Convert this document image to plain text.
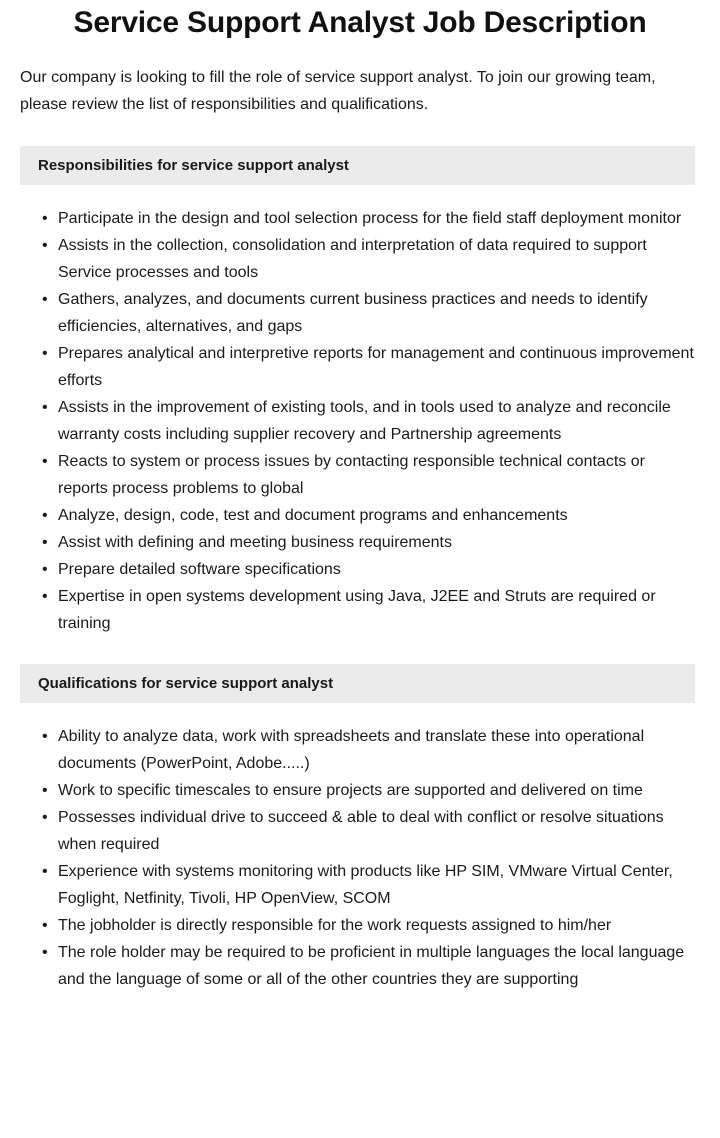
Service Support Analyst Job Description

Our company is looking to fill the role of service support analyst. To join our growing team, please review the list of responsibilities and qualifications.

Responsibilities for service support analyst
• Participate in the design and tool selection process for the field staff deployment monitor
• Assists in the collection, consolidation and interpretation of data required to support Service processes and tools
• Gathers, analyzes, and documents current business practices and needs to identify efficiencies, alternatives, and gaps
• Prepares analytical and interpretive reports for management and continuous improvement efforts
• Assists in the improvement of existing tools, and in tools used to analyze and reconcile warranty costs including supplier recovery and Partnership agreements
• Reacts to system or process issues by contacting responsible technical contacts or reports process problems to global
• Analyze, design, code, test and document programs and enhancements
• Assist with defining and meeting business requirements
• Prepare detailed software specifications
• Expertise in open systems development using Java, J2EE and Struts are required or training
Qualifications for service support analyst
• Ability to analyze data, work with spreadsheets and translate these into operational documents (PowerPoint, Adobe.....)
• Work to specific timescales to ensure projects are supported and delivered on time
• Possesses individual drive to succeed & able to deal with conflict or resolve situations when required
• Experience with systems monitoring with products like HP SIM, VMware Virtual Center, Foglight, Netfinity, Tivoli, HP OpenView, SCOM
• The jobholder is directly responsible for the work requests assigned to him/her
• The role holder may be required to be proficient in multiple languages the local language and the language of some or all of the other countries they are supporting
